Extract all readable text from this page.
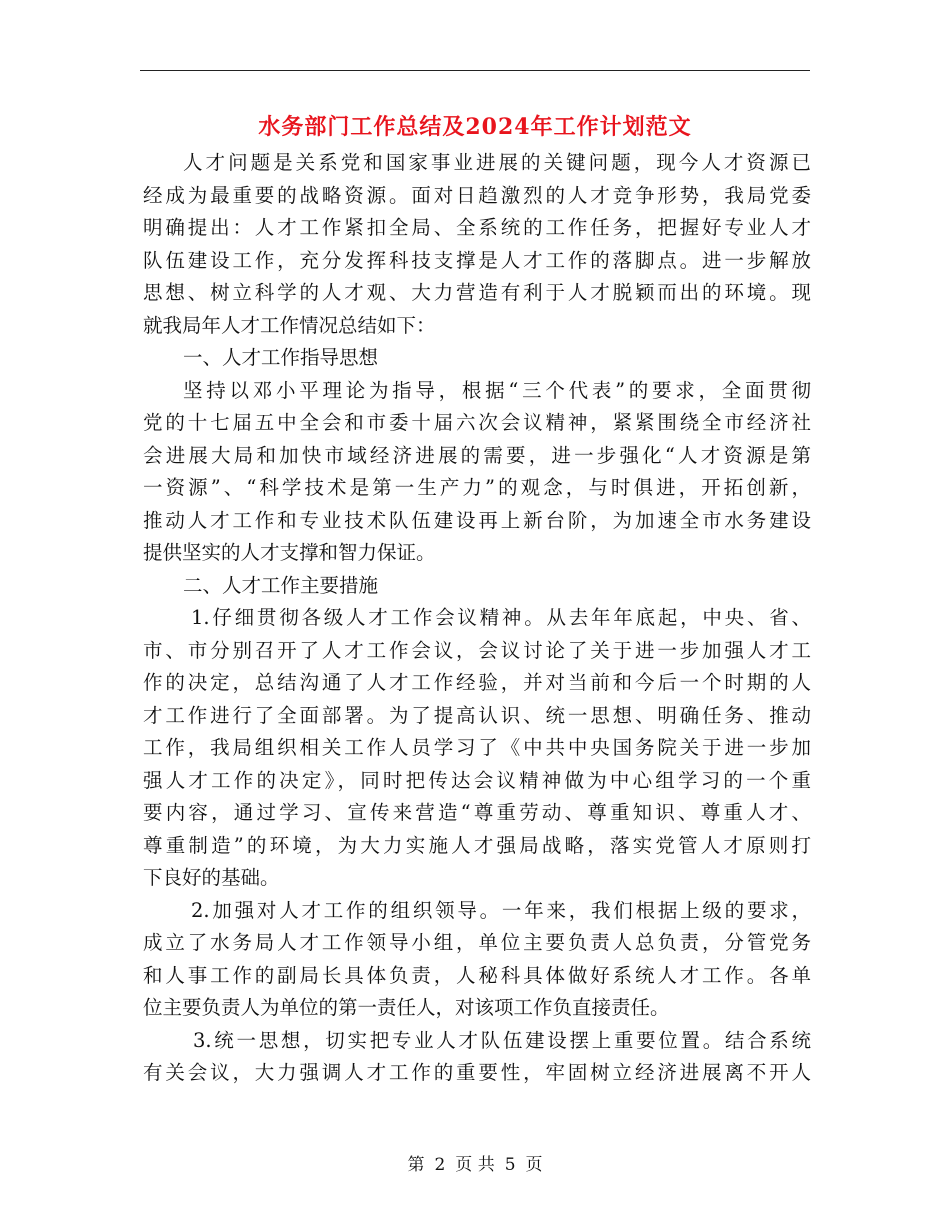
水务部门工作总结及2024年工作计划范文
人才问题是关系党和国家事业进展的关键问题，现今人才资源已
经成为最重要的战略资源。面对日趋激烈的人才竞争形势，我局党委
明确提出：人才工作紧扣全局、全系统的工作任务，把握好专业人才
队伍建设工作，充分发挥科技支撑是人才工作的落脚点。进一步解放
思想、树立科学的人才观、大力营造有利于人才脱颖而出的环境。现
就我局年人才工作情况总结如下：
一、人才工作指导思想
坚持以邓小平理论为指导，根据“三个代表”的要求，全面贯彻
党的十七届五中全会和市委十届六次会议精神，紧紧围绕全市经济社
会进展大局和加快市域经济进展的需要，进一步强化“人才资源是第
一资源”、“科学技术是第一生产力”的观念，与时俱进，开拓创新，
推动人才工作和专业技术队伍建设再上新台阶，为加速全市水务建设
提供坚实的人才支撑和智力保证。
二、人才工作主要措施
1.仔细贯彻各级人才工作会议精神。从去年年底起，中央、省、
市、市分别召开了人才工作会议，会议讨论了关于进一步加强人才工
作的决定，总结沟通了人才工作经验，并对当前和今后一个时期的人
才工作进行了全面部署。为了提高认识、统一思想、明确任务、推动
工作，我局组织相关工作人员学习了《中共中央国务院关于进一步加
强人才工作的决定》，同时把传达会议精神做为中心组学习的一个重
要内容，通过学习、宣传来营造“尊重劳动、尊重知识、尊重人才、
尊重制造”的环境，为大力实施人才强局战略，落实党管人才原则打
下良好的基础。
2.加强对人才工作的组织领导。一年来，我们根据上级的要求，
成立了水务局人才工作领导小组，单位主要负责人总负责，分管党务
和人事工作的副局长具体负责，人秘科具体做好系统人才工作。各单
位主要负责人为单位的第一责任人，对该项工作负直接责任。
3.统一思想，切实把专业人才队伍建设摆上重要位置。结合系统
有关会议，大力强调人才工作的重要性，牢固树立经济进展离不开人
第 2 页 共 5 页
